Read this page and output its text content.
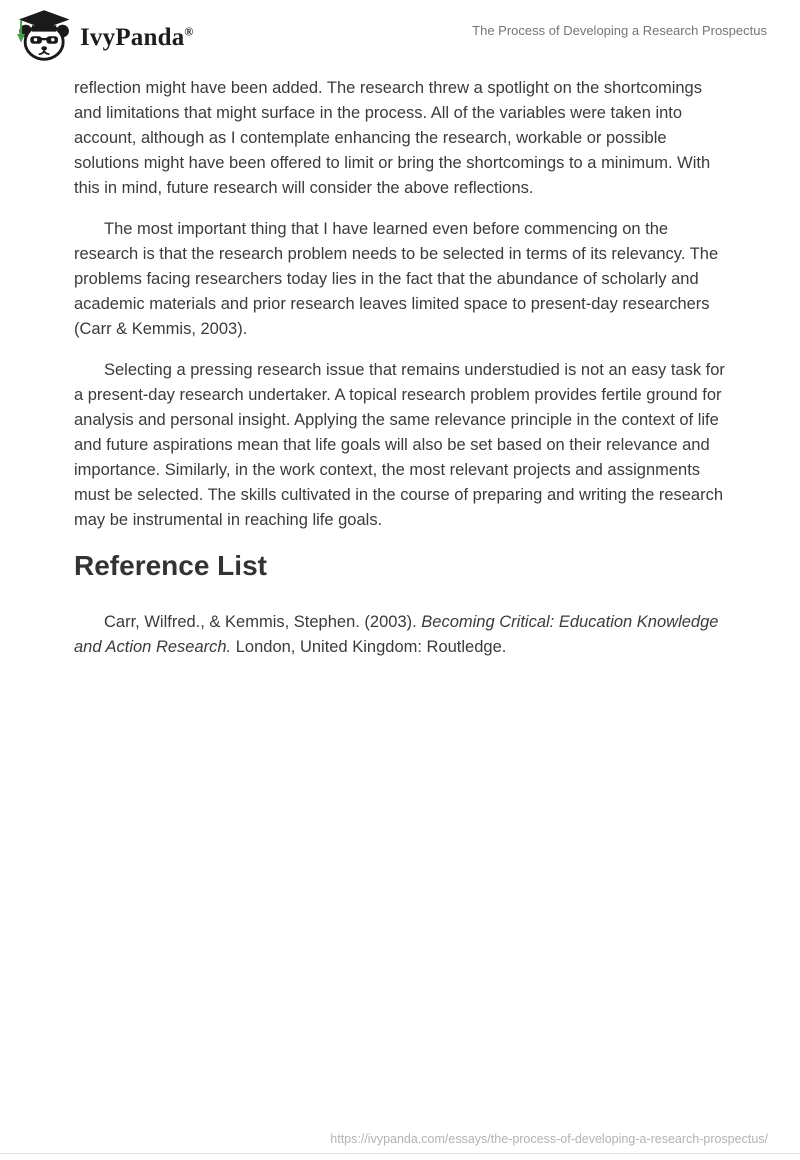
IvyPanda®	The Process of Developing a Research Prospectus

reflection might have been added. The research threw a spotlight on the shortcomings and limitations that might surface in the process. All of the variables were taken into account, although as I contemplate enhancing the research, workable or possible solutions might have been offered to limit or bring the shortcomings to a minimum. With this in mind, future research will consider the above reflections.

The most important thing that I have learned even before commencing on the research is that the research problem needs to be selected in terms of its relevancy. The problems facing researchers today lies in the fact that the abundance of scholarly and academic materials and prior research leaves limited space to present-day researchers (Carr & Kemmis, 2003).

Selecting a pressing research issue that remains understudied is not an easy task for a present-day research undertaker. A topical research problem provides fertile ground for analysis and personal insight. Applying the same relevance principle in the context of life and future aspirations mean that life goals will also be set based on their relevance and importance. Similarly, in the work context, the most relevant projects and assignments must be selected. The skills cultivated in the course of preparing and writing the research may be instrumental in reaching life goals.

Reference List

Carr, Wilfred., & Kemmis, Stephen. (2003). Becoming Critical: Education Knowledge and Action Research. London, United Kingdom: Routledge.

https://ivypanda.com/essays/the-process-of-developing-a-research-prospectus/
